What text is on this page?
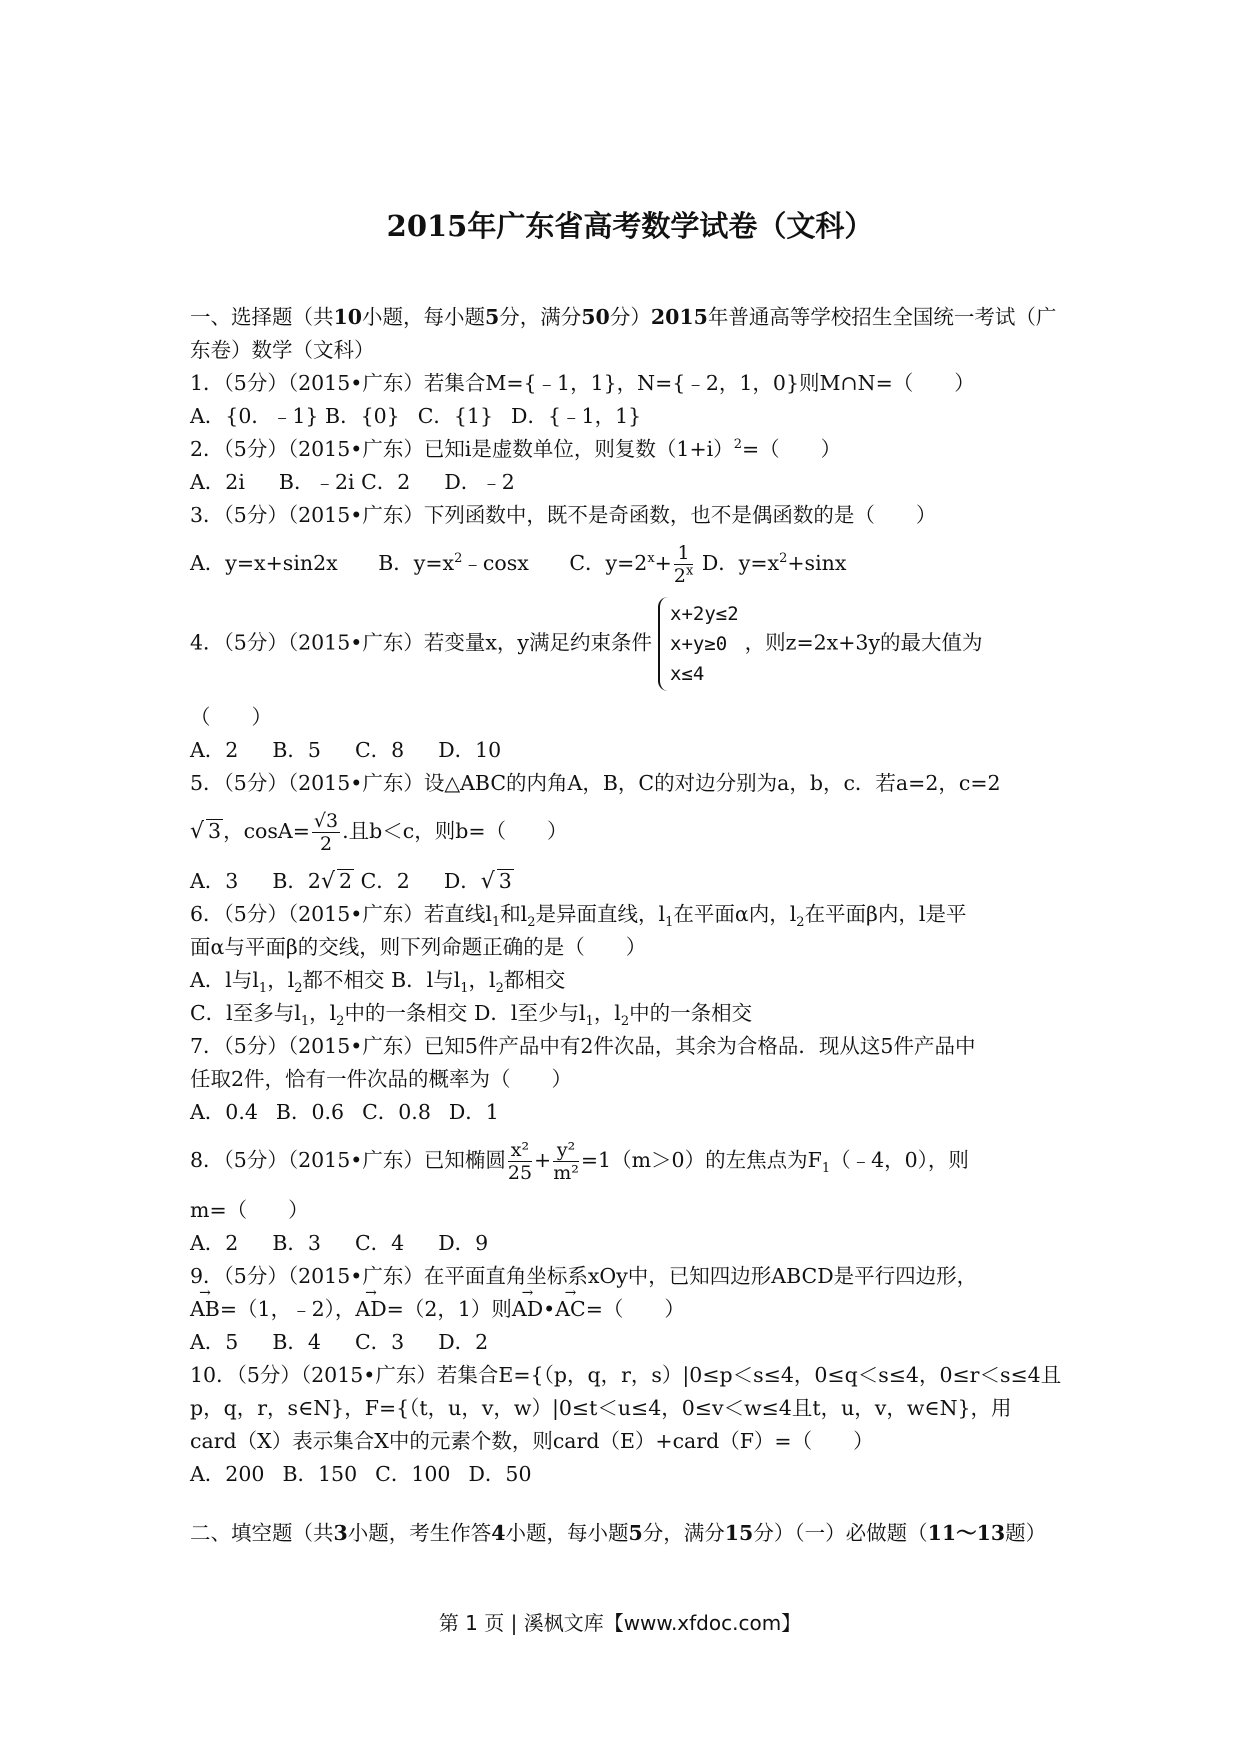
2015年广东省高考数学试卷（文科）
一、选择题（共10小题，每小题5分，满分50分）2015年普通高等学校招生全国统一考试（广东卷）数学（文科）
1．（5分）（2015•广东）若集合M={﹣1，1}，N={﹣2，1，0}则M∩N=（　　）
A．{0．﹣1} B．{0} C．{1} D．{﹣1，1}
2．（5分）（2015•广东）已知i是虚数单位，则复数$(1+i)^2=$（　　）
A．2i B．﹣2i C．2 D．﹣2
3．（5分）（2015•广东）下列函数中，既不是奇函数，也不是偶函数的是（　　）
A．y=x+sin2x B．$y=x^2﹣\cos x$ C．$y=2^x+ \frac{1}{2^x}$ D．$y=x^2+\sin x$
4．（5分）（2015•广东）若变量x，y满足约束条件
x+2y≤2
x+y≥0
x≤4
，则z=2x+3y的最大值为
（　　）
A．2 B．5 C．8 D．10
5．（5分）（2015•广东）设△ABC的内角A，B，C的对边分别为a，b，c．若a=2，c=2
√ 3，$\cos A= \frac{√3}{2}$ .且b＜c，则b=（　　）
A．3 B．2√ 2 C．2 D．√ 3
6．（5分）（2015•广东）若直线$l_1$和$l_2$是异面直线，$l_1$在平面α内，$l_2$在平面β内，l是平
面α与平面β的交线，则下列命题正确的是（　　）
A．l与$l_1$，$l_2$都不相交 B．l与$l_1$，$l_2$都相交
C．l至多与$l_1$，$l_2$中的一条相交 D．l至少与$l_1$，$l_2$中的一条相交
7．（5分）（2015•广东）已知5件产品中有2件次品，其余为合格品．现从这5件产品中
任取2件，恰有一件次品的概率为（　　）
A．0.4 B．0.6 C．0.8 D．1
8．（5分）（2015•广东）已知椭圆 $\frac{\text{x²}}{25} + \frac{\text{y²}}{\text{m²}} =1(m>0)$的左焦点为$F_1(﹣4$，0），则
m=（　　）
A．2 B．3 C．4 D．9
9．（5分）（2015•广东）在平面直角坐标系xOy中，已知四边形ABCD是平行四边形，
→ AB=（1，﹣2），→ AD=（2，1）则→ AD•→ AC=（　　）
A．5 B．4 C．3 D．2
10．（5分）（2015•广东）若集合E={（p，q，r，s）|0≤p＜s≤4，0≤q＜s≤4，0≤r＜s≤4且
p，q，r，s∈N}，F={（t，u，v，w）|0≤t＜u≤4，0≤v＜w≤4且t，u，v，w∈N}，用
card（X）表示集合X中的元素个数，则card（E）+card（F）=（　　）
A．200 B．150 C．100 D．50
二、填空题（共3小题，考生作答4小题，每小题5分，满分15分）（一）必做题（11～13题）
第 1 页 | 溪枫文库【www.xfdoc.com】
